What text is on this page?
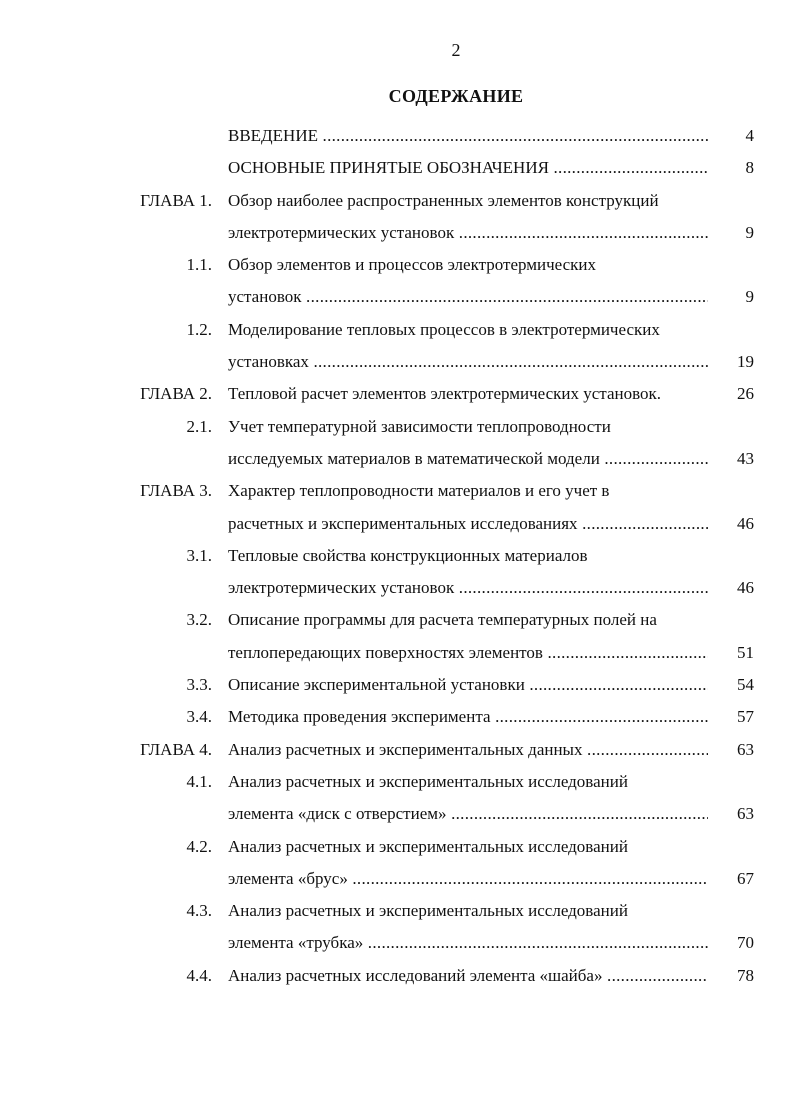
2
СОДЕРЖАНИЕ
ВВЕДЕНИЕ .....	4
ОСНОВНЫЕ ПРИНЯТЫЕ ОБОЗНАЧЕНИЯ .....	8
ГЛАВА 1. Обзор наиболее распространенных элементов конструкций
электротермических установок .....	9
1.1. Обзор элементов и процессов электротермических
установок .....	9
1.2. Моделирование тепловых процессов в электротермических
установках .....	19
ГЛАВА 2. Тепловой расчет элементов электротермических установок.	26
2.1. Учет температурной зависимости теплопроводности
исследуемых материалов в математической модели .....	43
ГЛАВА 3. Характер теплопроводности материалов и его учет в
расчетных и экспериментальных исследованиях .....	46
3.1. Тепловые свойства конструкционных материалов
электротермических установок .....	46
3.2. Описание программы для расчета температурных полей на
теплопередающих поверхностях элементов .....	51
3.3. Описание экспериментальной установки .....	54
3.4. Методика проведения эксперимента .....	57
ГЛАВА 4. Анализ расчетных и экспериментальных данных .....	63
4.1. Анализ расчетных и экспериментальных исследований
элемента «диск с отверстием» .....	63
4.2. Анализ расчетных и экспериментальных исследований
элемента «брус» .....	67
4.3. Анализ расчетных и экспериментальных исследований
элемента «трубка» .....	70
4.4. Анализ расчетных исследований элемента «шайба» .....	78
